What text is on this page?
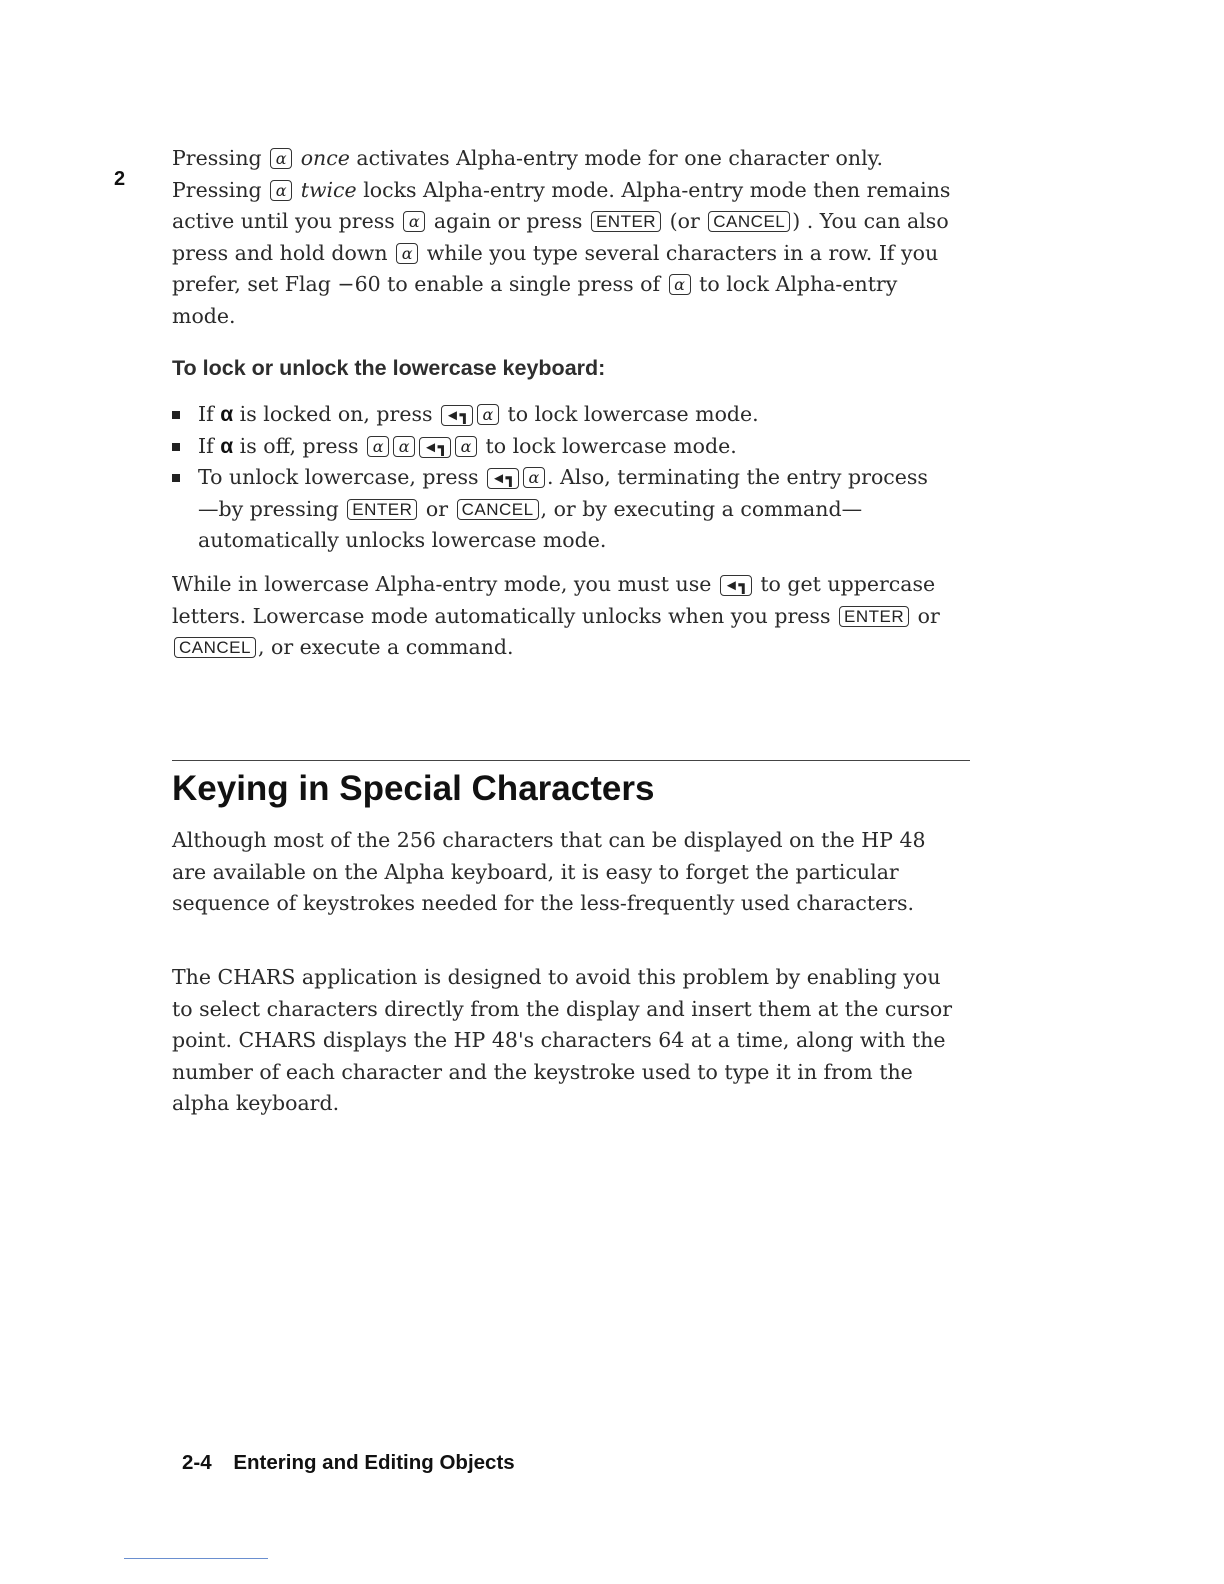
2

Pressing α once activates Alpha-entry mode for one character only. Pressing α twice locks Alpha-entry mode. Alpha-entry mode then remains active until you press α again or press ENTER (or CANCEL ) . You can also press and hold down α while you type several characters in a row. If you prefer, set Flag −60 to enable a single press of α to lock Alpha-entry mode.

To lock or unlock the lowercase keyboard:
If α is locked on, press ◄┓ α to lock lowercase mode.
If α is off, press α α ◄┓ α to lock lowercase mode.
To unlock lowercase, press ◄┓ α . Also, terminating the entry process—by pressing ENTER or CANCEL , or by executing a command—automatically unlocks lowercase mode.

While in lowercase Alpha-entry mode, you must use ◄┓ to get uppercase letters. Lowercase mode automatically unlocks when you press ENTER or CANCEL , or execute a command.

Keying in Special Characters

Although most of the 256 characters that can be displayed on the HP 48 are available on the Alpha keyboard, it is easy to forget the particular sequence of keystrokes needed for the less-frequently used characters.

The CHARS application is designed to avoid this problem by enabling you to select characters directly from the display and insert them at the cursor point. CHARS displays the HP 48's characters 64 at a time, along with the number of each character and the keystroke used to type it in from the alpha keyboard.

2-4 Entering and Editing Objects
